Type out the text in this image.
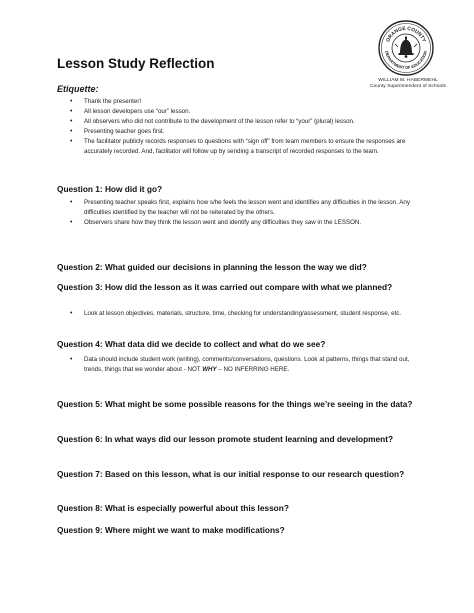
Lesson Study Reflection
ORANGE COUNTY
DEPARTMENT OF EDUCATION
WILLIAM M. HABERMEHL
County Superintendent of Schools
Etiquette:
• Thank the presenter!
• All lesson developers use “our” lesson.
• All observers who did not contribute to the development of the lesson refer to “your” (plural) lesson.
• Presenting teacher goes first.
• The facilitator publicly records responses to questions with “sign off” from team members to ensure the responses are accurately recorded. And, facilitator will follow up by sending a transcript of recorded responses to the team.
Question 1: How did it go?
• Presenting teacher speaks first, explains how s/he feels the lesson went and identifies any difficulties in the lesson. Any difficulties identified by the teacher will not be reiterated by the others.
• Observers share how they think the lesson went and identify any difficulties they saw in the LESSON.
Question 2: What guided our decisions in planning the lesson the way we did?
Question 3: How did the lesson as it was carried out compare with what we planned?
• Look at lesson objectives, materials, structure, time, checking for understanding/assessment, student response, etc.
Question 4: What data did we decide to collect and what do we see?
• Data should include student work (writing), comments/conversations, questions. Look at patterns, things that stand out, trends, things that we wonder about - NOT WHY – NO INFERRING HERE.
Question 5: What might be some possible reasons for the things we’re seeing in the data?
Question 6: In what ways did our lesson promote student learning and development?
Question 7: Based on this lesson, what is our initial response to our research question?
Question 8: What is especially powerful about this lesson?
Question 9: Where might we want to make modifications?
